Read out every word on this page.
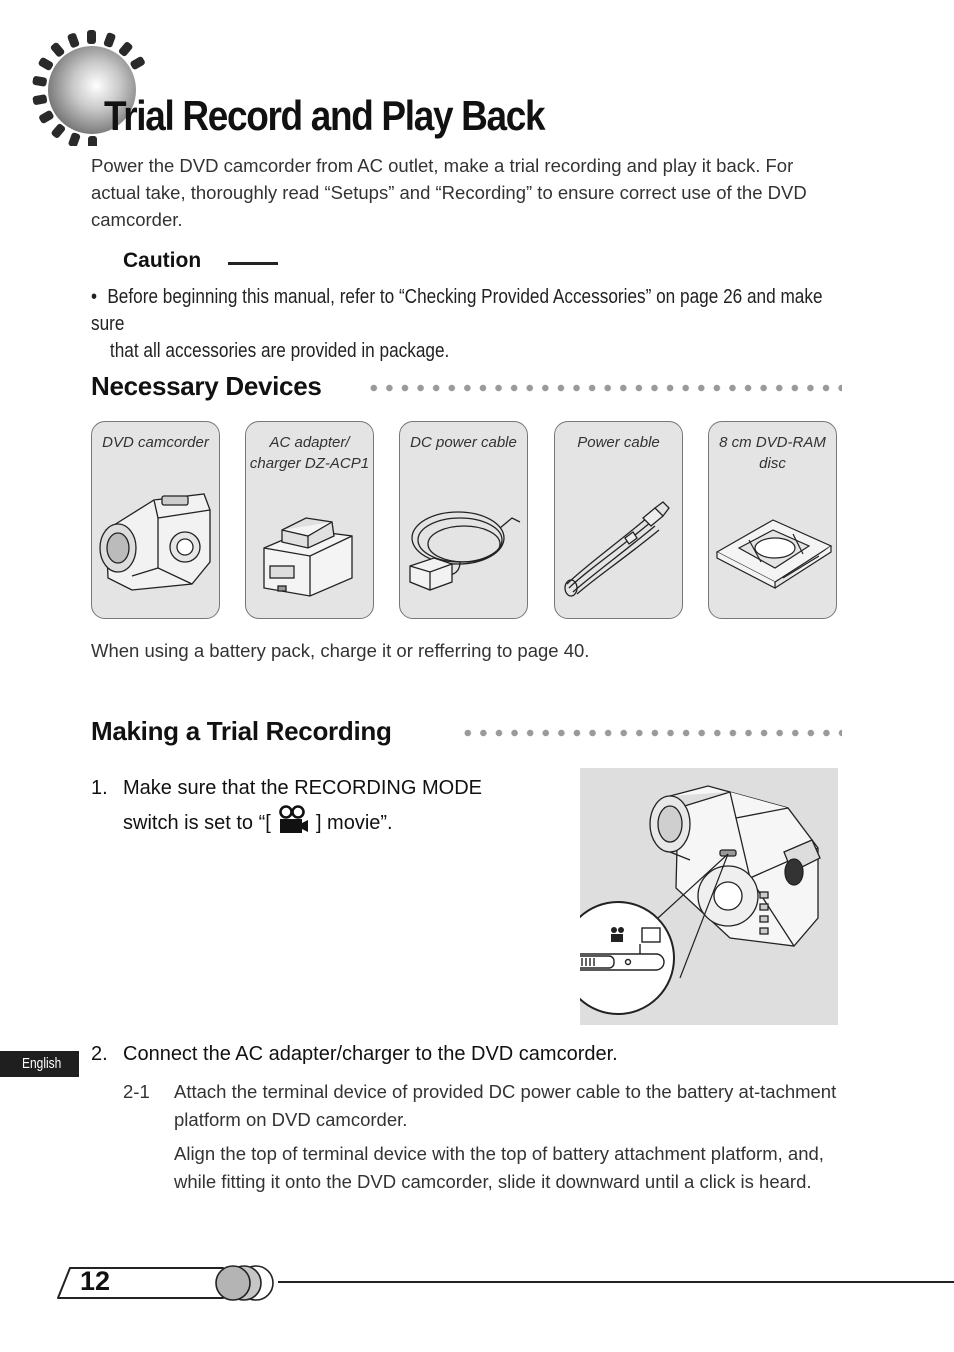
Trial Record and Play Back

Power the DVD camcorder from AC outlet, make a trial recording and play it back. For actual take, thoroughly read “Setups” and “Recording” to ensure correct use of the DVD camcorder.

Caution
• Before beginning this manual, refer to “Checking Provided Accessories” on page 26 and make sure
that all accessories are provided in package.
Necessary Devices
DVD camcorder	AC adapter/ charger DZ-ACP1
DC power cable	Power cable	8 cm DVD-RAM disc

When using a battery pack, charge it or refferring to page 40.

Making a Trial Recording
1. Make sure that the RECORDING MODE
switch is set to “[ ] movie”.
English	2. Connect the AC adapter/charger to the DVD camcorder.
2-1	Attach the terminal device of provided DC power cable to the battery at-tachment platform on DVD camcorder.

Align the top of terminal device with the top of battery attachment platform, and, while fitting it onto the DVD camcorder, slide it downward until a click is heard.

12
